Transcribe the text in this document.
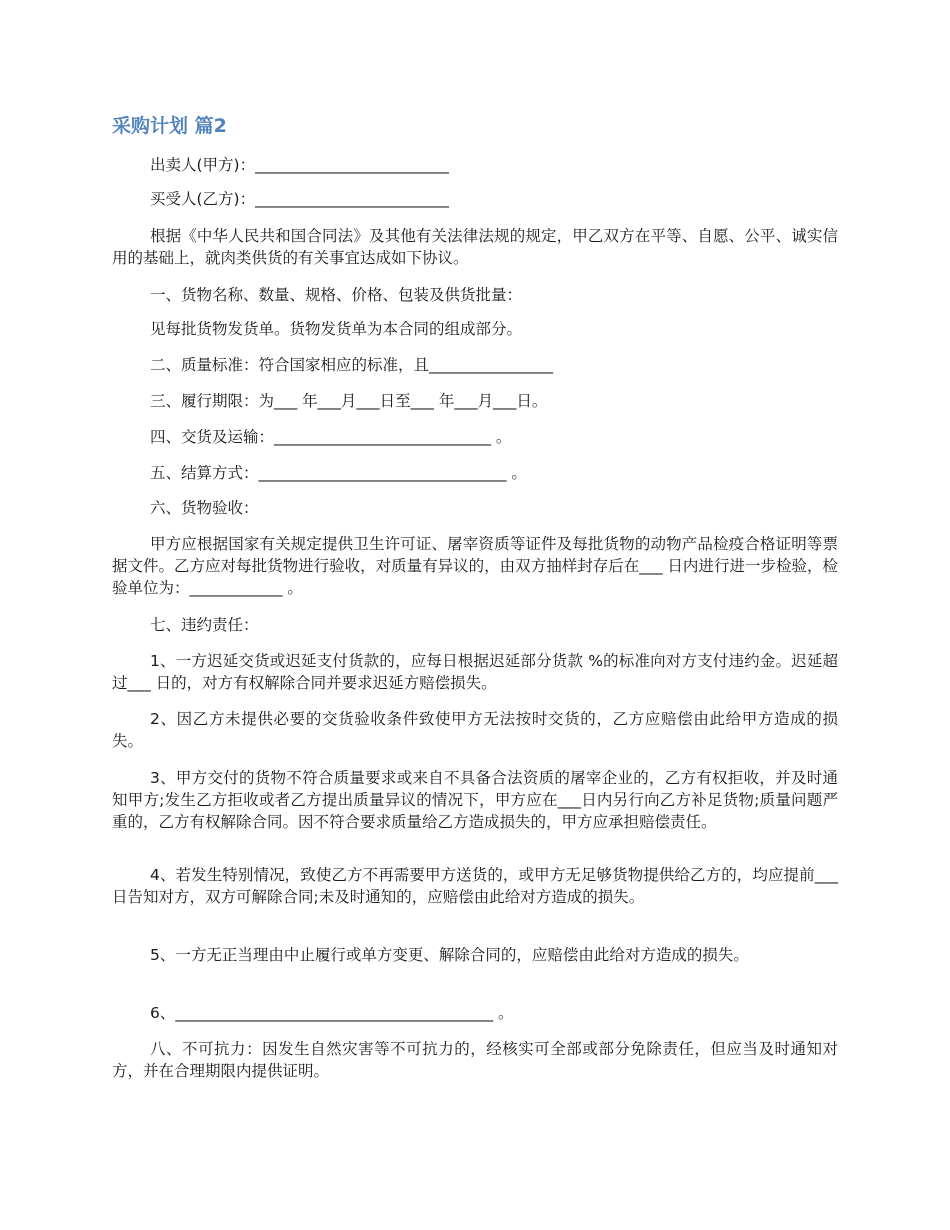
采购计划 篇2

出卖人(甲方)：_________________________

买受人(乙方)：_________________________

根据《中华人民共和国合同法》及其他有关法律法规的规定，甲乙双方在平等、自愿、公平、诚实信用的基础上，就肉类供货的有关事宜达成如下协议。

一、货物名称、数量、规格、价格、包装及供货批量：

见每批货物发货单。货物发货单为本合同的组成部分。

二、质量标准：符合国家相应的标准，且________________

三、履行期限：为___ 年___月___日至___ 年___月___日。

四、交货及运输：____________________________ 。

五、结算方式：________________________________ 。

六、货物验收：

甲方应根据国家有关规定提供卫生许可证、屠宰资质等证件及每批货物的动物产品检疫合格证明等票据文件。乙方应对每批货物进行验收，对质量有异议的，由双方抽样封存后在___ 日内进行进一步检验，检验单位为：____________ 。

七、违约责任：

1、一方迟延交货或迟延支付货款的，应每日根据迟延部分货款 %的标准向对方支付违约金。迟延超过___ 日的，对方有权解除合同并要求迟延方赔偿损失。

2、因乙方未提供必要的交货验收条件致使甲方无法按时交货的，乙方应赔偿由此给甲方造成的损失。

3、甲方交付的货物不符合质量要求或来自不具备合法资质的屠宰企业的，乙方有权拒收，并及时通知甲方;发生乙方拒收或者乙方提出质量异议的情况下，甲方应在___日内另行向乙方补足货物;质量问题严重的，乙方有权解除合同。因不符合要求质量给乙方造成损失的，甲方应承担赔偿责任。

4、若发生特别情况，致使乙方不再需要甲方送货的，或甲方无足够货物提供给乙方的，均应提前___ 日告知对方，双方可解除合同;未及时通知的，应赔偿由此给对方造成的损失。

5、一方无正当理由中止履行或单方变更、解除合同的，应赔偿由此给对方造成的损失。

6、_________________________________________ 。

八、不可抗力：因发生自然灾害等不可抗力的，经核实可全部或部分免除责任，但应当及时通知对方，并在合理期限内提供证明。
